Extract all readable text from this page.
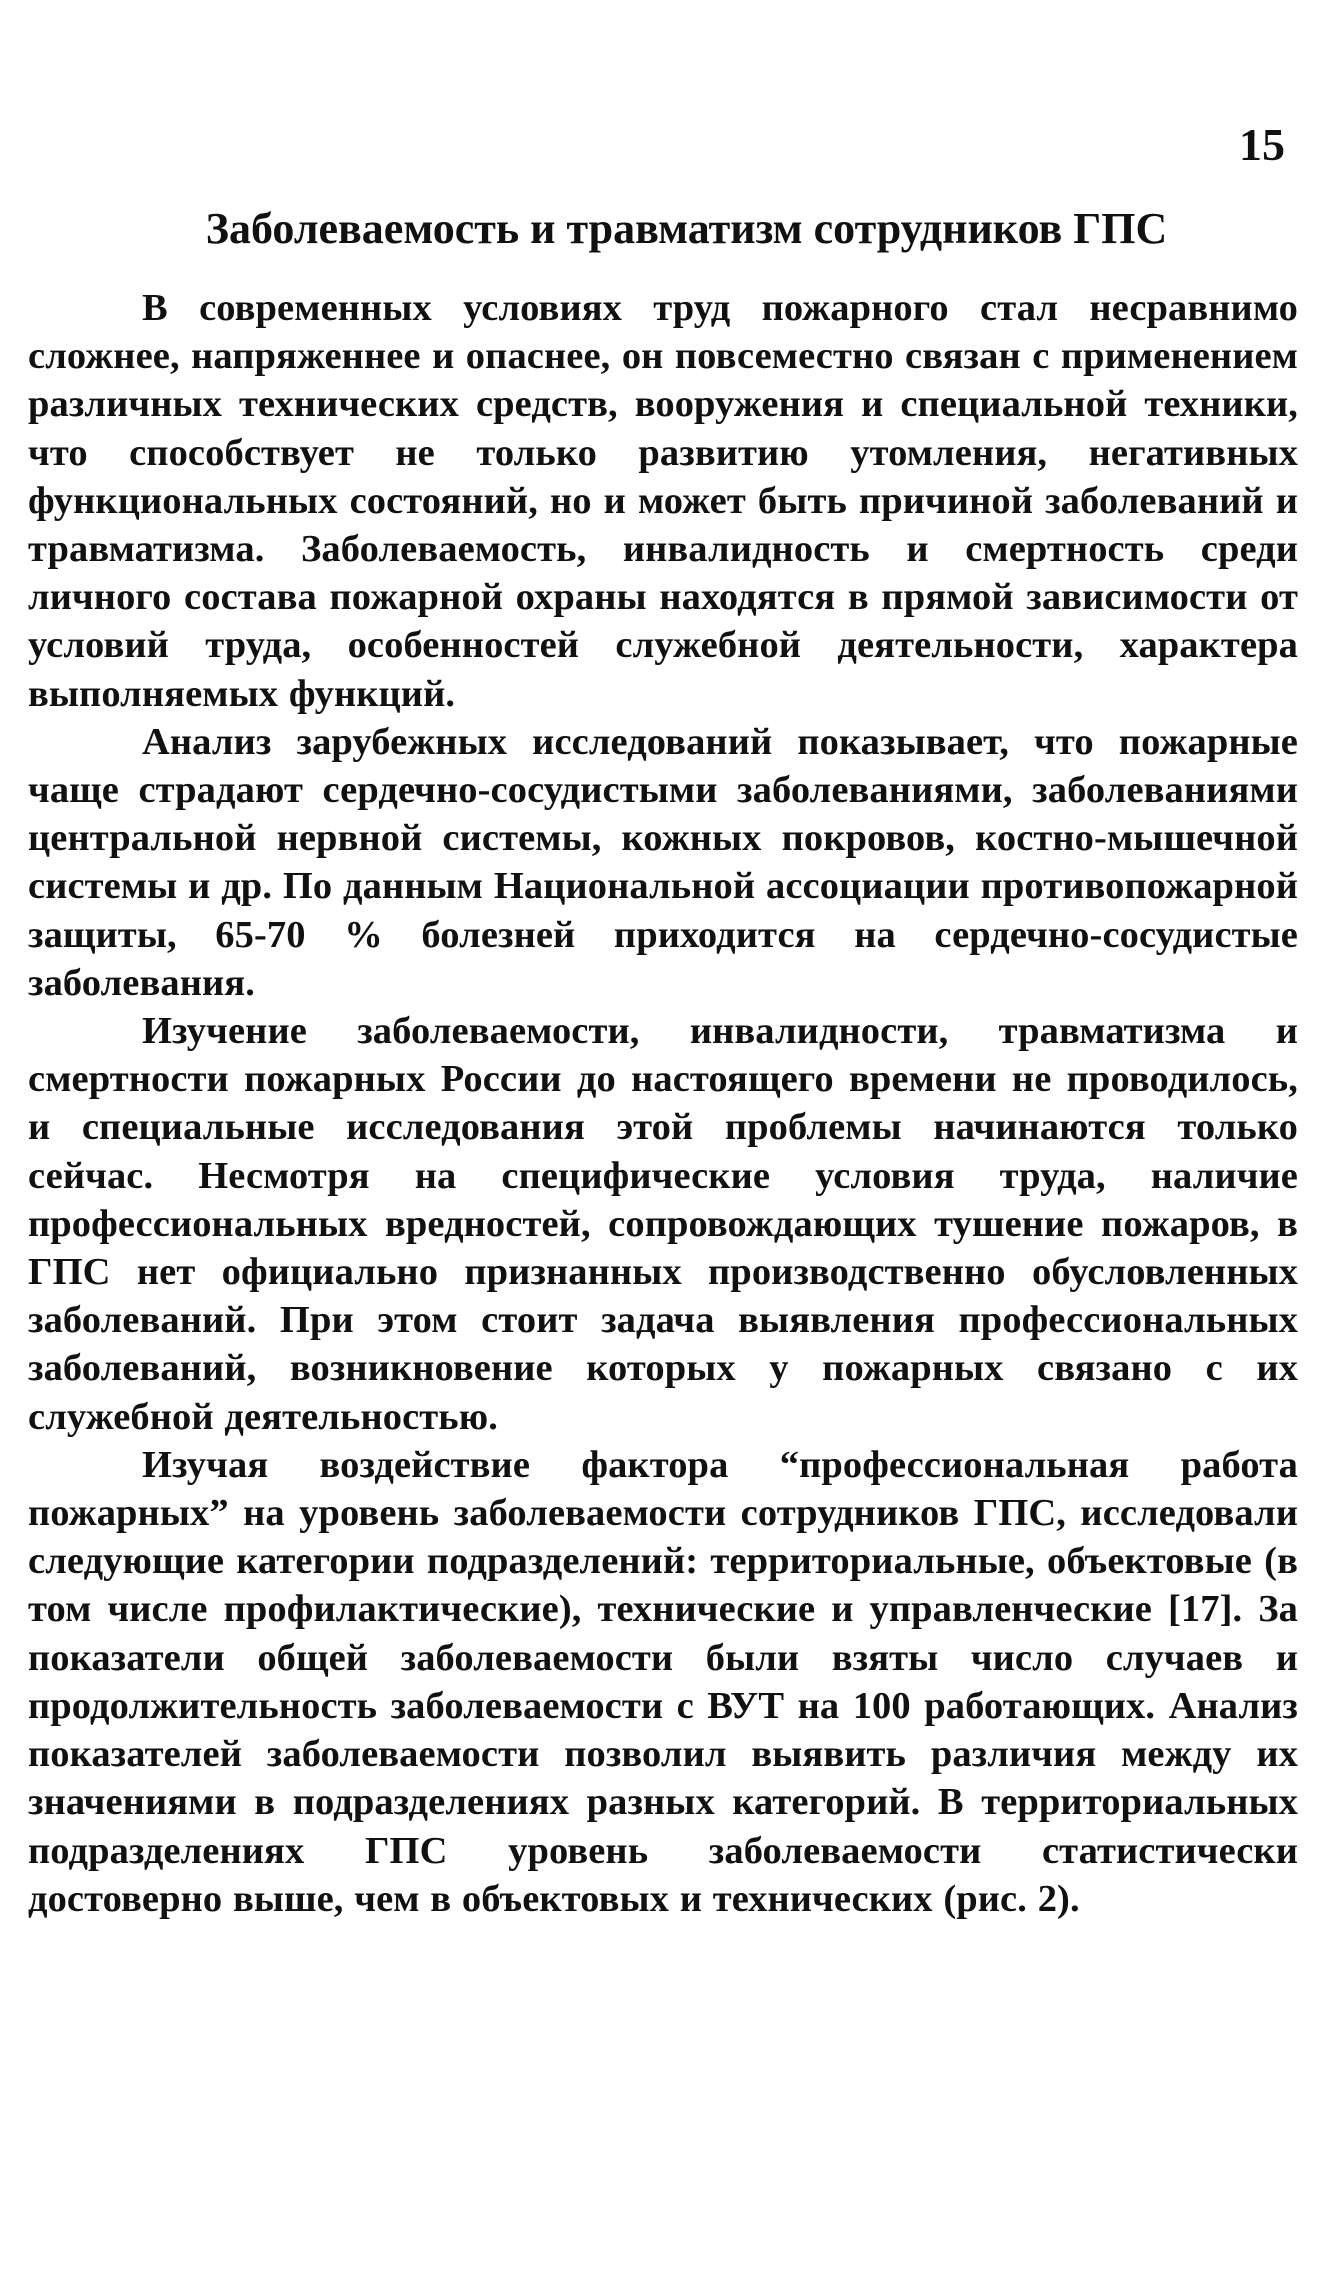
15
Заболеваемость и травматизм сотрудников ГПС

В современных условиях труд пожарного стал несравнимо сложнее, напряженнее и опаснее, он повсеместно связан с применением различных технических средств, вооружения и специальной техники, что способствует не только развитию утомления, негативных функциональных состояний, но и может быть причиной заболеваний и травматизма. Заболеваемость, инвалидность и смертность среди личного состава пожарной охраны находятся в прямой зависимости от условий труда, особенностей служебной деятельности, характера выполняемых функций.

Анализ зарубежных исследований показывает, что пожарные чаще страдают сердечно-сосудистыми заболеваниями, заболеваниями центральной нервной системы, кожных покровов, костно-мышечной системы и др. По данным Национальной ассоциации противопожарной защиты, 65-70 % болезней приходится на сердечно-сосудистые заболевания.

Изучение заболеваемости, инвалидности, травматизма и смертности пожарных России до настоящего времени не проводилось, и специальные исследования этой проблемы начинаются только сейчас. Несмотря на специфические условия труда, наличие профессиональных вредностей, сопровождающих тушение пожаров, в ГПС нет официально признанных производственно обусловленных заболеваний. При этом стоит задача выявления профессиональных заболеваний, возникновение которых у пожарных связано с их служебной деятельностью.

Изучая воздействие фактора “профессиональная работа пожарных” на уровень заболеваемости сотрудников ГПС, исследовали следующие категории подразделений: территориальные, объектовые (в том числе профилактические), технические и управленческие [17]. За показатели общей заболеваемости были взяты число случаев и продолжительность заболеваемости с ВУТ на 100 работающих. Анализ показателей заболеваемости позволил выявить различия между их значениями в подразделениях разных категорий. В территориальных подразделениях ГПС уровень заболеваемости статистически достоверно выше, чем в объектовых и технических (рис. 2).
